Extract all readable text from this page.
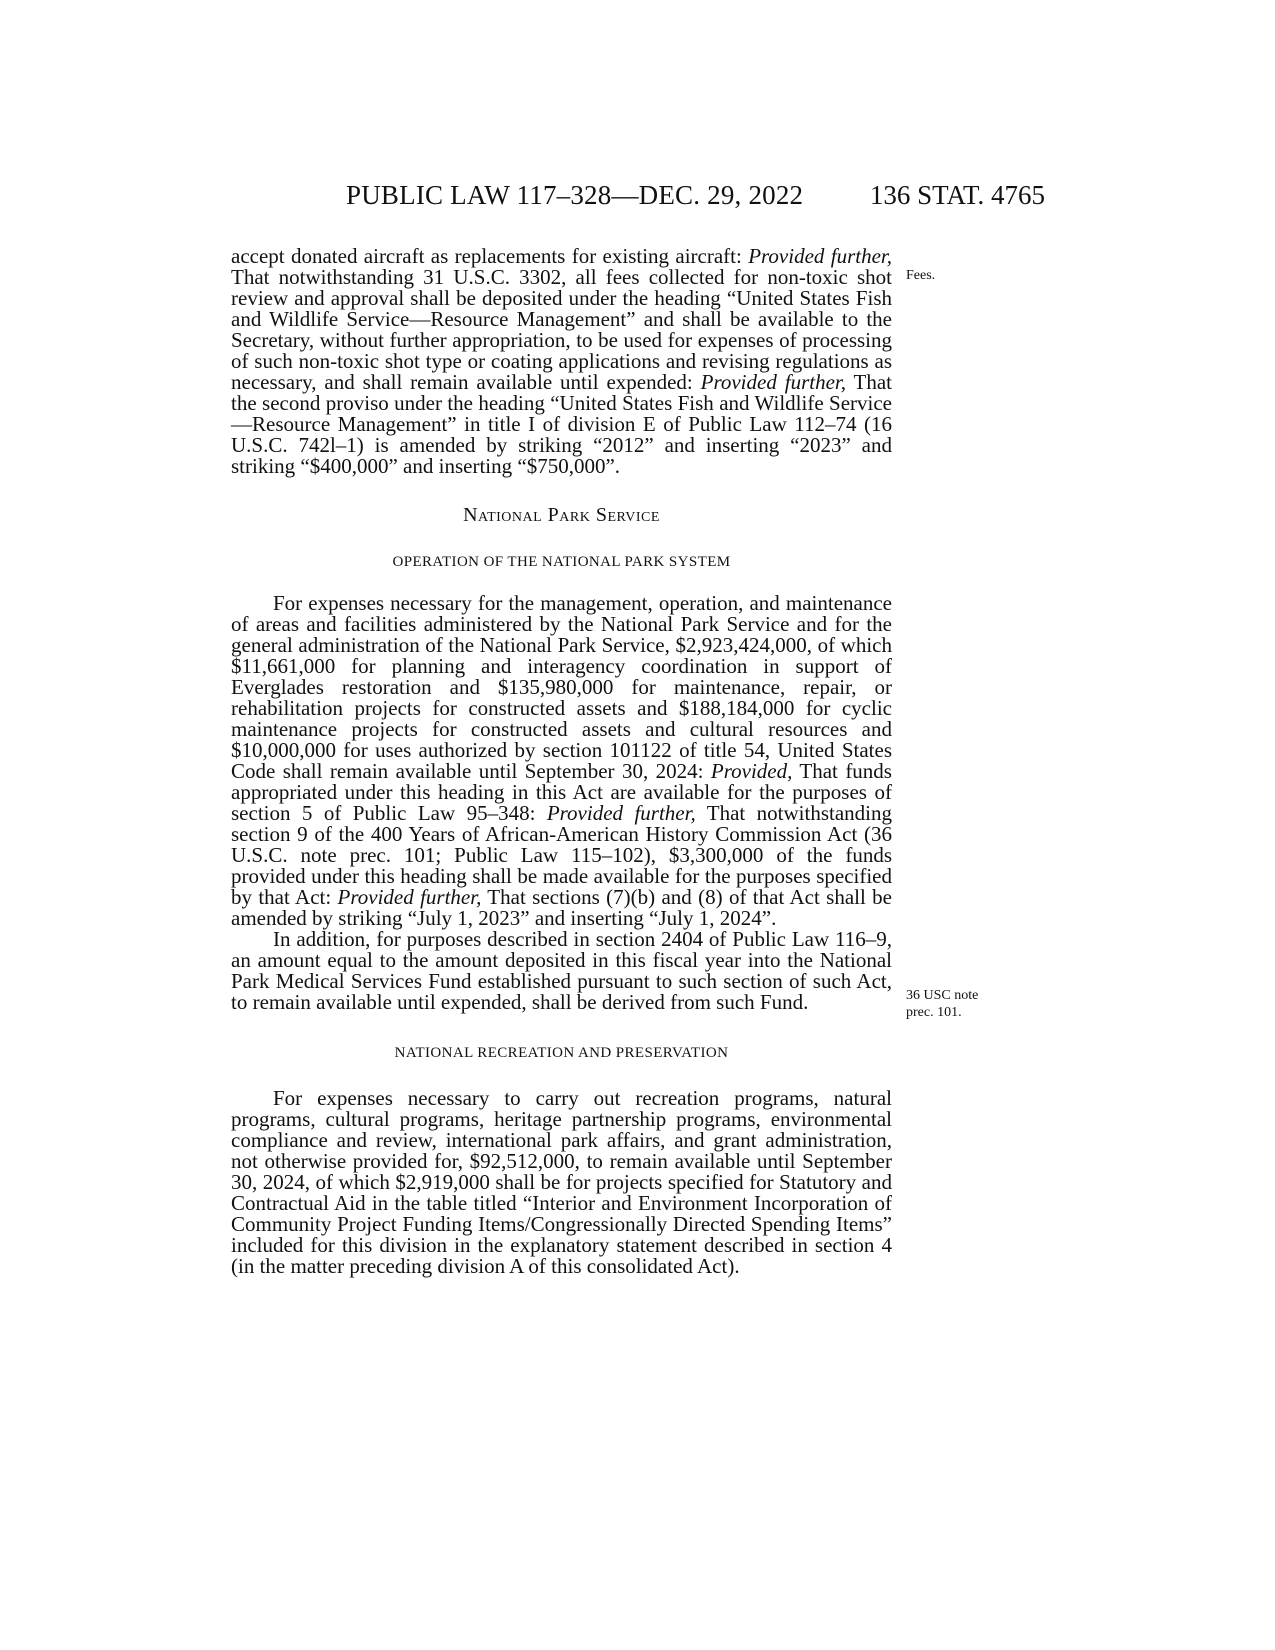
PUBLIC LAW 117–328—DEC. 29, 2022 136 STAT. 4765
Fees.
36 USC note
prec. 101.

accept donated aircraft as replacements for existing aircraft: Provided further, That notwithstanding 31 U.S.C. 3302, all fees collected for non-toxic shot review and approval shall be deposited under the heading “United States Fish and Wildlife Service—Resource Management” and shall be available to the Secretary, without further appropriation, to be used for expenses of processing of such non-toxic shot type or coating applications and revising regulations as necessary, and shall remain available until expended: Provided further, That the second proviso under the heading “United States Fish and Wildlife Service—Resource Management” in title I of division E of Public Law 112–74 (16 U.S.C. 742l–1) is amended by striking “2012” and inserting “2023” and striking “$400,000” and inserting “$750,000”.

National Park Service
OPERATION OF THE NATIONAL PARK SYSTEM

For expenses necessary for the management, operation, and maintenance of areas and facilities administered by the National Park Service and for the general administration of the National Park Service, $2,923,424,000, of which $11,661,000 for planning and interagency coordination in support of Everglades restoration and $135,980,000 for maintenance, repair, or rehabilitation projects for constructed assets and $188,184,000 for cyclic maintenance projects for constructed assets and cultural resources and $10,000,000 for uses authorized by section 101122 of title 54, United States Code shall remain available until September 30, 2024: Provided, That funds appropriated under this heading in this Act are available for the purposes of section 5 of Public Law 95–348: Provided further, That notwithstanding section 9 of the 400 Years of African-American History Commission Act (36 U.S.C. note prec. 101; Public Law 115–102), $3,300,000 of the funds provided under this heading shall be made available for the purposes specified by that Act: Provided further, That sections (7)(b) and (8) of that Act shall be amended by striking “July 1, 2023” and inserting “July 1, 2024”.

In addition, for purposes described in section 2404 of Public Law 116–9, an amount equal to the amount deposited in this fiscal year into the National Park Medical Services Fund established pursuant to such section of such Act, to remain available until expended, shall be derived from such Fund.

NATIONAL RECREATION AND PRESERVATION

For expenses necessary to carry out recreation programs, natural programs, cultural programs, heritage partnership programs, environmental compliance and review, international park affairs, and grant administration, not otherwise provided for, $92,512,000, to remain available until September 30, 2024, of which $2,919,000 shall be for projects specified for Statutory and Contractual Aid in the table titled “Interior and Environment Incorporation of Community Project Funding Items/Congressionally Directed Spending Items” included for this division in the explanatory statement described in section 4 (in the matter preceding division A of this consolidated Act).
